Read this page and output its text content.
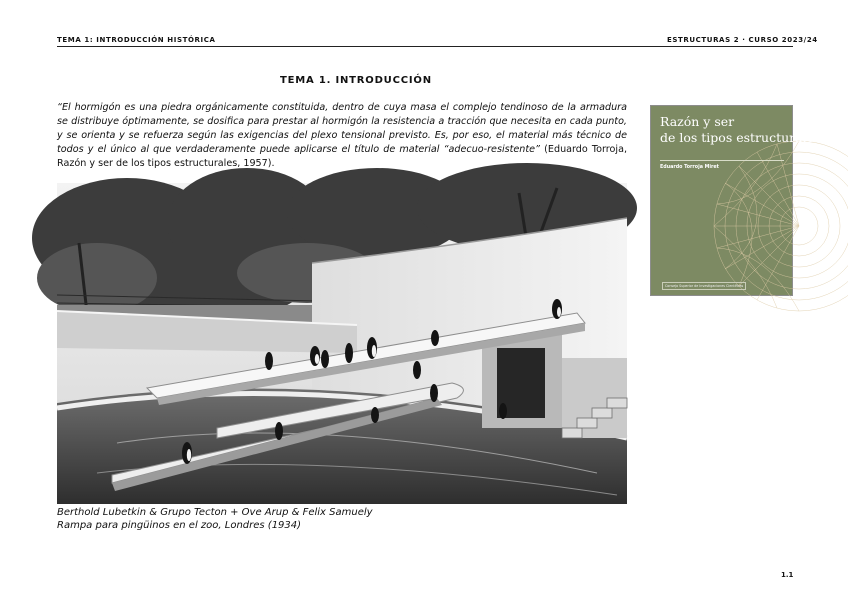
TEMA 1: INTRODUCCIÓN HISTÓRICA	ESTRUCTURAS 2 · CURSO 2023/24
TEMA 1. INTRODUCCIÓN
“El hormigón es una piedra orgánicamente constituida, dentro de cuya masa el complejo tendinoso de la armadura se distribuye óptimamente, se dosifica para prestar al hormigón la resistencia a tracción que necesita en cada punto, y se orienta y se refuerza según las exigencias del plexo tensional previsto. Es, por eso, el material más técnico de todos y el único al que verdaderamente puede aplicarse el título de material “adecuo-resistente” (Eduardo Torroja, Razón y ser de los tipos estructurales, 1957).
Berthold Lubetkin & Grupo Tecton + Ove Arup & Felix Samuely
Rampa para pingüinos en el zoo, Londres (1934)
Razón y ser
de los tipos estructurales
Eduardo Torroja Miret
Consejo Superior de Investigaciones Científicas
1.1
